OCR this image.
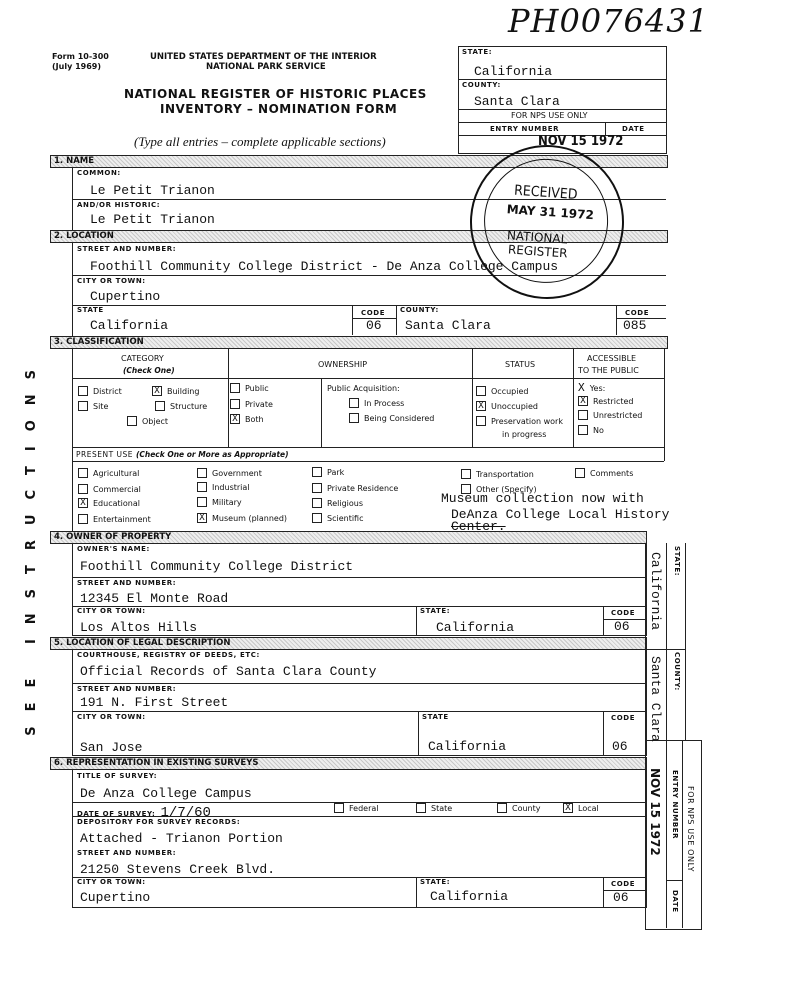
PH0076431
Form 10-300
(July 1969)
UNITED STATES DEPARTMENT OF THE INTERIOR
NATIONAL PARK SERVICE
NATIONAL REGISTER OF HISTORIC PLACES
INVENTORY – NOMINATION FORM
(Type all entries – complete applicable sections)
STATE:
California
COUNTY:
Santa Clara
FOR NPS USE ONLY
ENTRY NUMBER	DATE
NOV 15 1972
SEE INSTRUCTIONS
1. NAME
COMMON:
Le Petit Trianon
AND/OR HISTORIC:
Le Petit Trianon
2. LOCATION
STREET AND NUMBER:
Foothill Community College District - De Anza College Campus
CITY OR TOWN:
Cupertino
STATE
California
CODE
06
COUNTY:
Santa Clara
CODE
085
RECEIVED
MAY 31 1972
NATIONAL
REGISTER
3. CLASSIFICATION
CATEGORY
(Check One)
OWNERSHIP	STATUS
ACCESSIBLE
TO THE PUBLIC
Public Acquisition:
in progress
X Yes:
PRESENT USE (Check One or More as Appropriate)
District	X Building
Site	Structure
Object
Public
Private
X Both
In Process
Being Considered
Occupied
X Unoccupied
Preservation work
X Restricted
Unrestricted
No
Agricultural
Commercial
X Educational
Entertainment
Government
Industrial
Military
X Museum (planned)
Park
Private Residence
Religious
Scientific
Transportation
Other (Specify)
Comments
Museum collection now with
DeAnza College Local History
4. OWNER OF PROPERTY
Center.
OWNER'S NAME:
Foothill Community College District
STREET AND NUMBER:
12345 El Monte Road
CITY OR TOWN:
Los Altos Hills
STATE:
California
CODE
06
5. LOCATION OF LEGAL DESCRIPTION
COURTHOUSE, REGISTRY OF DEEDS, ETC:
Official Records of Santa Clara County
STREET AND NUMBER:
191 N. First Street
CITY OR TOWN:
San Jose
STATE
California
CODE
06
6. REPRESENTATION IN EXISTING SURVEYS
TITLE OF SURVEY:
De Anza College Campus
DATE OF SURVEY: 1/7/60	Federal	State	County	X Local
DEPOSITORY FOR SURVEY RECORDS:
Attached - Trianon Portion
STREET AND NUMBER:
21250 Stevens Creek Blvd.
CITY OR TOWN:
Cupertino
STATE:
California
CODE
06
STATE:
California
COUNTY:
Santa Clara
NOV 15 1972 ENTRY NUMBER
DATE
FOR NPS USE ONLY
